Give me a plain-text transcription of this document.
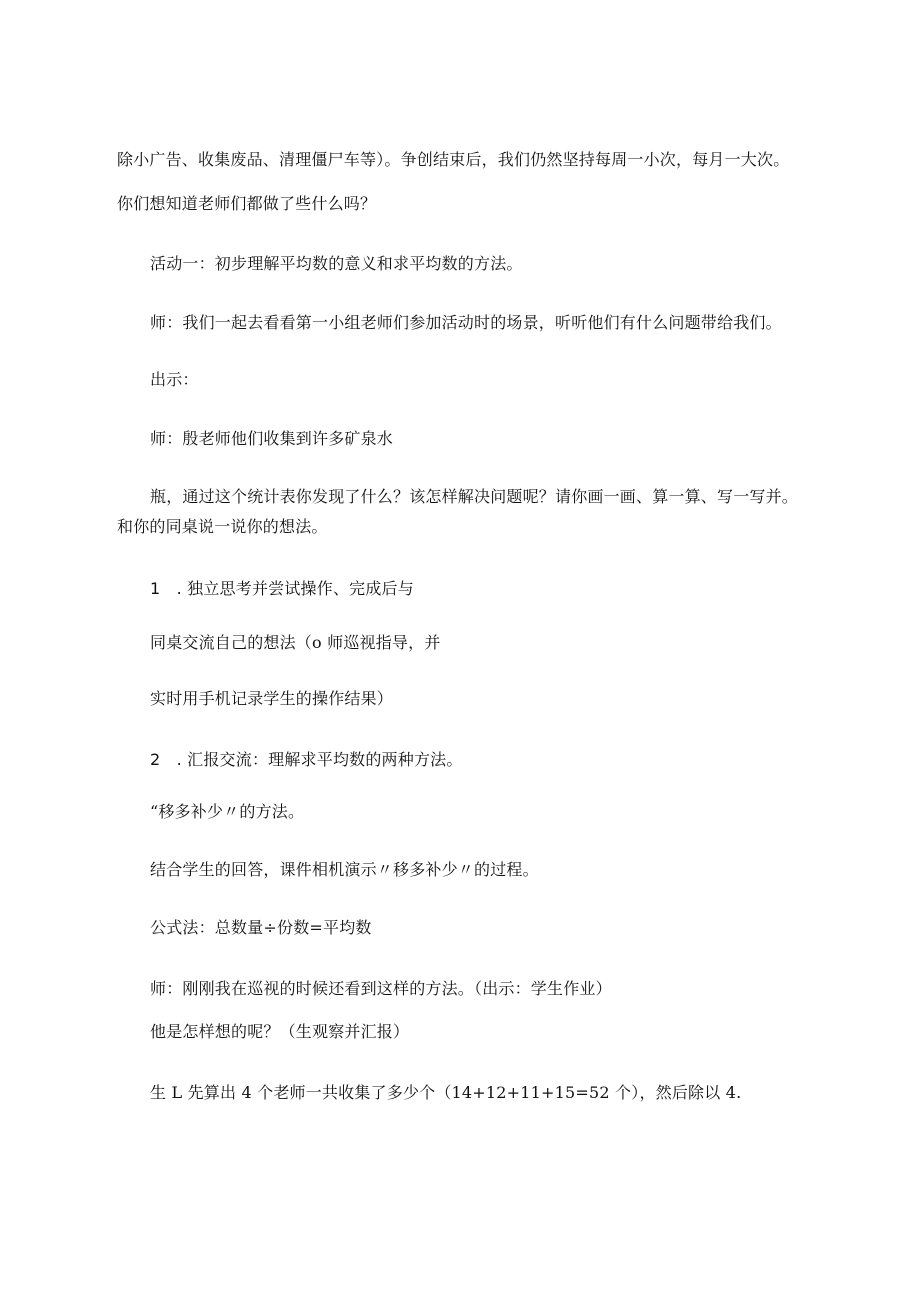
除小广告、收集废品、清理僵尸车等）。争创结束后，我们仍然坚持每周一小次，每月一大次。

你们想知道老师们都做了些什么吗？

活动一：初步理解平均数的意义和求平均数的方法。

师：我们一起去看看第一小组老师们参加活动时的场景，听听他们有什么问题带给我们。

出示：

师：殷老师他们收集到许多矿泉水

瓶，通过这个统计表你发现了什么？该怎样解决问题呢？请你画一画、算一算、写一写并。

和你的同桌说一说你的想法。

1　. 独立思考并尝试操作、完成后与

同桌交流自己的想法（o 师巡视指导，并

实时用手机记录学生的操作结果）

2　. 汇报交流：理解求平均数的两种方法。

“移多补少〃的方法。

结合学生的回答，课件相机演示〃移多补少〃的过程。

公式法：总数量÷份数=平均数

师：刚刚我在巡视的时候还看到这样的方法。（出示：学生作业）

他是怎样想的呢？（生观察并汇报）

生 L 先算出 4 个老师一共收集了多少个（14+12+11+15=52 个），然后除以 4.
